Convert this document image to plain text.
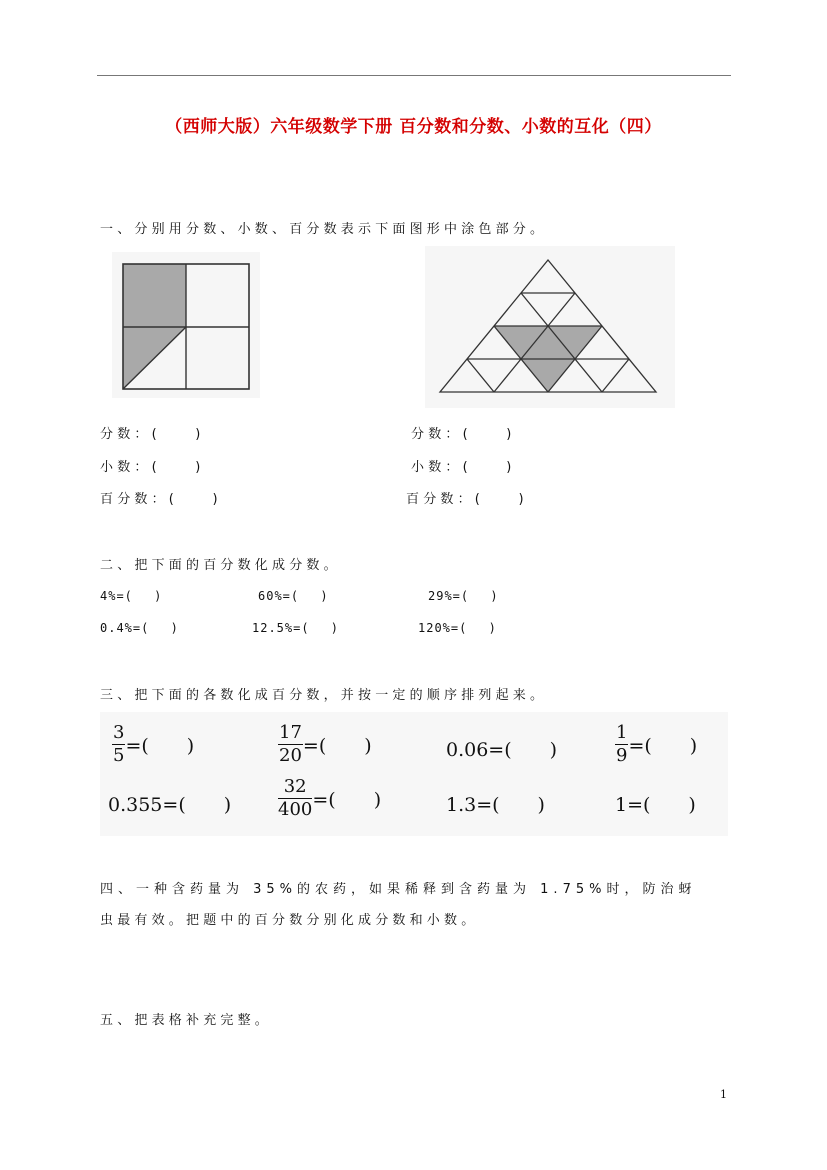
（西师大版）六年级数学下册 百分数和分数、小数的互化（四）
一、分别用分数、小数、百分数表示下面图形中涂色部分。
分数：(　　)
小数：(　　)
百分数：(　　)
分数：(　　)
小数：(　　)
百分数：(　　)
二、把下面的百分数化成分数。
4%=(　 )	60%=(　 )	29%=(　 )
0.4%=(　 )	12.5%=(　 )	120%=(　 )
三、把下面的各数化成百分数，并按一定的顺序排列起来。
$\frac{3}{5}$ =(　　)	$\frac{17}{20}$ =(　　)	0.06=(　　)	$\frac{1}{9}$ =(　　)
0.355=(　　)	$\frac{32}{400}$ =(　　)	1.3=(　　)	1=(　　)
四、一种含药量为 35%的农药，如果稀释到含药量为 1.75%时，防治蚜
虫最有效。把题中的百分数分别化成分数和小数。
五、把表格补充完整。
1
